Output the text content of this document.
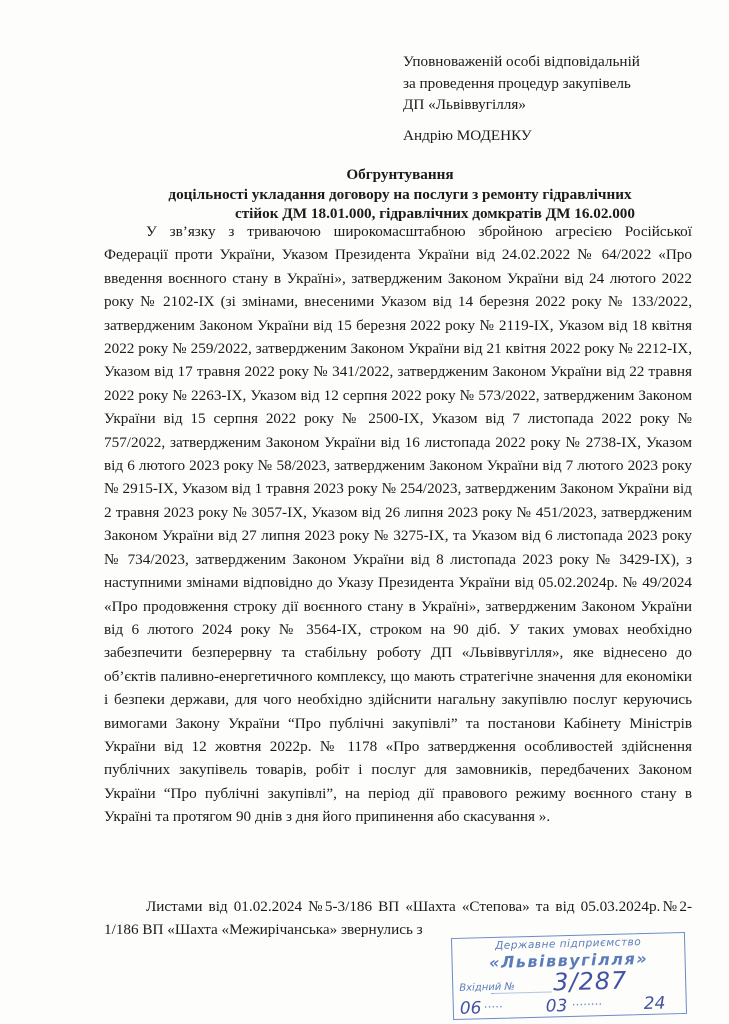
Уповноваженій особі відповідальній
за проведення процедур закупівель
ДП «Львіввугілля»
Андрію МОДЕНКУ
Обгрунтування
доцільності укладання договору на послуги з ремонту гідравлічних
стійок ДМ 18.01.000, гідравлічних домкратів ДМ 16.02.000

У зв’язку з триваючою широкомасштабною збройною агресією Російської Федерації проти України, Указом Президента України від 24.02.2022 № 64/2022 «Про введення воєнного стану в Україні», затвердженим Законом України від 24 лютого 2022 року № 2102-IX (зі змінами, внесеними Указом від 14 березня 2022 року № 133/2022, затвердженим Законом України від 15 березня 2022 року № 2119-IX, Указом від 18 квітня 2022 року № 259/2022, затвердженим Законом України від 21 квітня 2022 року № 2212-IX, Указом від 17 травня 2022 року № 341/2022, затвердженим Законом України від 22 травня 2022 року № 2263-IX, Указом від 12 серпня 2022 року № 573/2022, затвердженим Законом України від 15 серпня 2022 року № 2500-IX, Указом від 7 листопада 2022 року № 757/2022, затвердженим Законом України від 16 листопада 2022 року № 2738-IX, Указом від 6 лютого 2023 року № 58/2023, затвердженим Законом України від 7 лютого 2023 року № 2915-IX, Указом від 1 травня 2023 року № 254/2023, затвердженим Законом України від 2 травня 2023 року № 3057-IX, Указом від 26 липня 2023 року № 451/2023, затвердженим Законом України від 27 липня 2023 року № 3275-IX, та Указом від 6 листопада 2023 року № 734/2023, затвердженим Законом України від 8 листопада 2023 року № 3429-IX), з наступними змінами відповідно до Указу Президента України від 05.02.2024р. № 49/2024 «Про продовження строку дії воєнного стану в Україні», затвердженим Законом України від 6 лютого 2024 року № 3564-IX, строком на 90 діб. У таких умовах необхідно забезпечити безперервну та стабільну роботу ДП «Львіввугілля», яке віднесено до об’єктів паливно-енергетичного комплексу, що мають стратегічне значення для економіки і безпеки держави, для чого необхідно здійснити нагальну закупівлю послуг керуючись вимогами Закону України “Про публічні закупівлі” та постанови Кабінету Міністрів України від 12 жовтня 2022р. № 1178 «Про затвердження особливостей здійснення публічних закупівель товарів, робіт і послуг для замовників, передбачених Законом України “Про публічні закупівлі”, на період дії правового режиму воєнного стану в Україні та протягом 90 днів з дня його припинення або скасування ».

Листами від 01.02.2024 №5-3/186 ВП «Шахта «Степова» та від 05.03.2024р.№2-1/186 ВП «Шахта «Межирічанська» звернулись з

Державне підприємство
«Львіввугілля»
Вхідний № 3/287
06 ····· 03 ········ 24
